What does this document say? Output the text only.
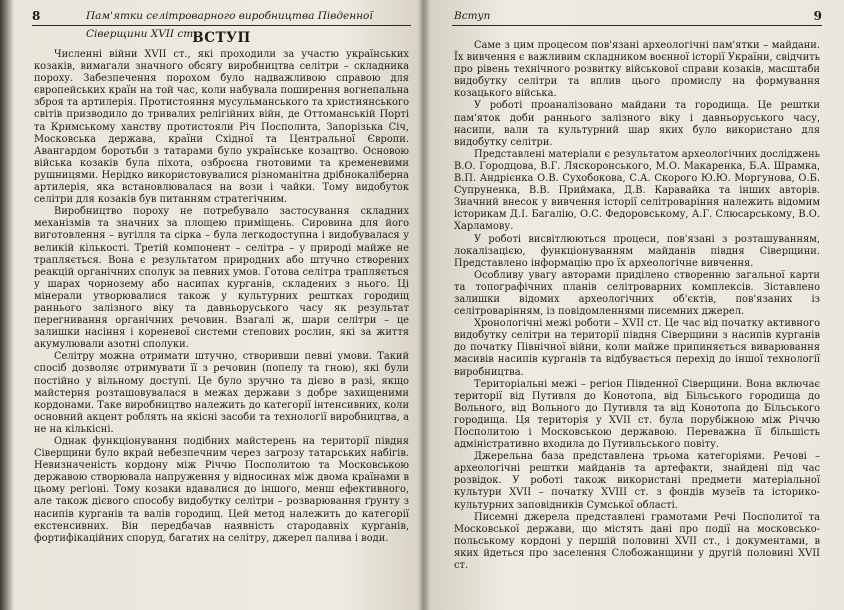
8	Пам'ятки селітроварного виробництва Південної Сіверщини XVII ст.
ВСТУП

Численні війни XVII ст., які проходили за участю українських козаків, вимагали значного обсягу виробництва селітри – складника пороху. Забезпечення порохом було надважливою справою для європейських країн на той час, коли набувала поширення вогнепальна зброя та артилерія. Протистояння мусульманського та християнського світів призводило до тривалих релігійних війн, де Оттоманській Порті та Кримському ханству протистояли Річ Посполита, Запорізька Січ, Московська держава, країни Східної та Центральної Європи. Авангардом боротьби з татарами було українське козацтво. Основою війська козаків була піхота, озброєна гнотовими та кременевими рушницями. Нерідко використовувалися різноманітна дрібнокаліберна артилерія, яка встановлювалася на вози і чайки. Тому видобуток селітри для козаків був питанням стратегічним.

Виробництво пороху не потребувало застосування складних механізмів та значних за площею приміщень. Сировина для його виготовлення – вугілля та сірка – була легкодоступна і видобувалася у великій кількості. Третій компонент – селітра – у природі майже не трапляється. Вона є результатом природних або штучно створених реакцій органічних сполук за певних умов. Готова селітра трапляється у шарах чорнозему або насипах курганів, складених з нього. Ці мінерали утворювалися також у культурних рештках городищ раннього залізного віку та давньоруського часу як результат перегнивання органічних речовин. Взагалі ж, шари селітри – це залишки насіння і кореневої системи степових рослин, які за життя акумулювали азотні сполуки.

Селітру можна отримати штучно, створивши певні умови. Такий спосіб дозволяє отримувати її з речовин (попелу та гною), які були постійно у вільному доступі. Це було зручно та дієво в разі, якщо майстерня розташовувалася в межах держави з добре захищеними кордонами. Таке виробництво належить до категорії інтенсивних, коли основний акцент роблять на якісні засоби та технології виробництва, а не на кількісні.

Однак функціонування подібних майстерень на території півдня Сіверщини було вкрай небезпечним через загрозу татарських набігів. Невизначеність кордону між Річчю Посполитою та Московською державою створювала напруження у відносинах між двома країнами в цьому регіоні. Тому козаки вдавалися до іншого, менш ефективного, але також дієвого способу видобутку селітри – розварювання ґрунту з насипів курганів та валів городищ. Цей метод належить до категорії екстенсивних. Він передбачав наявність стародавніх курганів, фортифікаційних споруд, багатих на селітру, джерел палива і води.

Вступ	9

Саме з цим процесом пов'язані археологічні пам'ятки – майдани. Їх вивчення є важливим складником воєнної історії України, свідчить про рівень технічного розвитку військової справи козаків, масштаби видобутку селітри та вплив цього промислу на формування козацького війська.

У роботі проаналізовано майдани та городища. Це рештки пам'яток доби раннього залізного віку і давньоруського часу, насипи, вали та культурний шар яких було використано для видобутку селітри.

Представлені матеріали є результатом археологічних досліджень В.О. Городцова, В.Г. Ляскоронського, М.О. Макаренка, Б.А. Шрамка, В.П. Андрієнка О.В. Сухобокова, С.А. Скорого Ю.Ю. Моргунова, О.Б. Супруненка, В.В. Приймака, Д.В. Каравайка та інших авторів. Значний внесок у вивчення історії селітроваріння належить відомим історикам Д.І. Багалію, О.С. Федоровському, А.Г. Слюсарському, В.О. Харламову.

У роботі висвітлюються процеси, пов'язані з розташуванням, локалізацією, функціонуванням майданів півдня Сіверщини. Представлено інформацію про їх археологічне вивчення.

Особливу увагу авторами приділено створенню загальної карти та топографічних планів селітроварних комплексів. Зіставлено залишки відомих археологічних об'єктів, пов'язаних із селітроварінням, із повідомленнями писемних джерел.

Хронологічні межі роботи – XVII ст. Це час від початку активного видобутку селітри на території півдня Сіверщини з насипів курганів до початку Північної війни, коли майже припиняється виварювання масивів насипів курганів та відбувається перехід до іншої технології виробництва.

Територіальні межі – регіон Південної Сіверщини. Вона включає території від Путивля до Конотопа, від Більського городища до Вольного, від Вольного до Путивля та від Конотопа до Більського городища. Ця територія у XVII ст. була порубіжною між Річчю Посполитою і Московською державою. Переважна її більшість адміністративно входила до Путивльського повіту.

Джерельна база представлена трьома категоріями. Речові – археологічні рештки майданів та артефакти, знайдені під час розвідок. У роботі також використані предмети матеріальної культури XVII – початку XVIII ст. з фондів музеїв та історико-культурних заповідників Сумської області.

Писемні джерела представлені грамотами Речі Посполитої та Московської держави, що містять дані про події на московсько-польському кордоні у першій половині XVII ст., і документами, в яких йдеться про заселення Слобожанщини у другій половині XVII ст.
